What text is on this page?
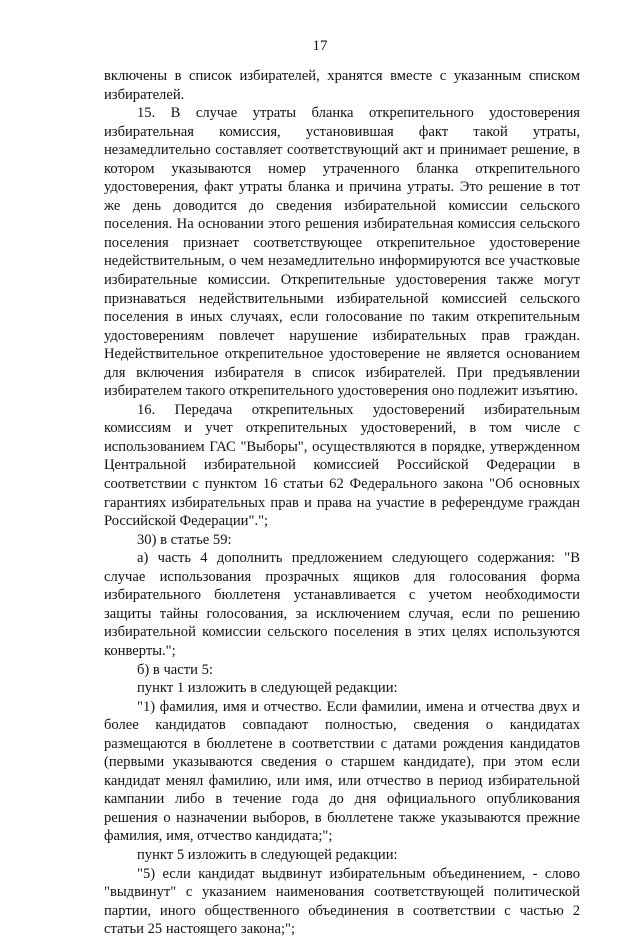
17

включены в список избирателей, хранятся вместе с указанным списком избирателей.

15. В случае утраты бланка открепительного удостоверения избирательная комиссия, установившая факт такой утраты, незамедлительно составляет соответствующий акт и принимает решение, в котором указываются номер утраченного бланка открепительного удостоверения, факт утраты бланка и причина утраты. Это решение в тот же день доводится до сведения избирательной комиссии сельского поселения. На основании этого решения избирательная комиссия сельского поселения признает соответствующее открепительное удостоверение недействительным, о чем незамедлительно информируются все участковые избирательные комиссии. Открепительные удостоверения также могут признаваться недействительными избирательной комиссией сельского поселения в иных случаях, если голосование по таким открепительным удостоверениям повлечет нарушение избирательных прав граждан. Недействительное открепительное удостоверение не является основанием для включения избирателя в список избирателей. При предъявлении избирателем такого открепительного удостоверения оно подлежит изъятию.

16. Передача открепительных удостоверений избирательным комиссиям и учет открепительных удостоверений, в том числе с использованием ГАС "Выборы", осуществляются в порядке, утвержденном Центральной избирательной комиссией Российской Федерации в соответствии с пунктом 16 статьи 62 Федерального закона "Об основных гарантиях избирательных прав и права на участие в референдуме граждан Российской Федерации".";

30) в статье 59:

а) часть 4 дополнить предложением следующего содержания: "В случае использования прозрачных ящиков для голосования форма избирательного бюллетеня устанавливается с учетом необходимости защиты тайны голосования, за исключением случая, если по решению избирательной комиссии сельского поселения в этих целях используются конверты.";

б) в части 5:

пункт 1 изложить в следующей редакции:

"1) фамилия, имя и отчество. Если фамилии, имена и отчества двух и более кандидатов совпадают полностью, сведения о кандидатах размещаются в бюллетене в соответствии с датами рождения кандидатов (первыми указываются сведения о старшем кандидате), при этом если кандидат менял фамилию, или имя, или отчество в период избирательной кампании либо в течение года до дня официального опубликования решения о назначении выборов, в бюллетене также указываются прежние фамилия, имя, отчество кандидата;";

пункт 5 изложить в следующей редакции:

"5) если кандидат выдвинут избирательным объединением, - слово "выдвинут" с указанием наименования соответствующей политической партии, иного общественного объединения в соответствии с частью 2 статьи 25 настоящего закона;";
